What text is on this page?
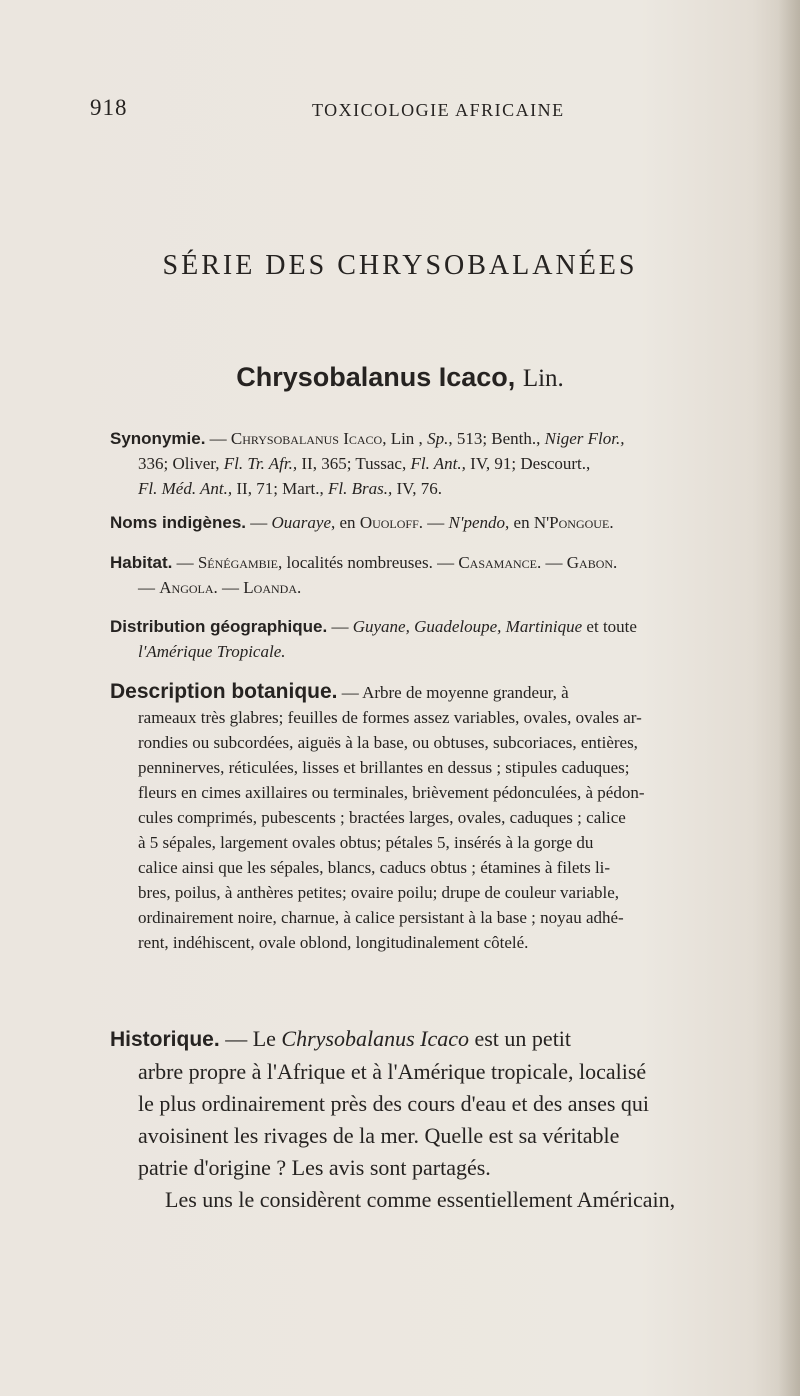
918	TOXICOLOGIE AFRICAINE
SÉRIE DES CHRYSOBALANÉES
Chrysobalanus Icaco, Lin.
Synonymie. — Chrysobalanus Icaco, Lin , Sp., 513; Benth., Niger Flor.,
336; Oliver, Fl. Tr. Afr., II, 365; Tussac, Fl. Ant., IV, 91; Descourt.,
Fl. Méd. Ant., II, 71; Mart., Fl. Bras., IV, 76.
Noms indigènes. — Ouaraye, en Ouoloff. — N'pendo, en N'Pongoue.
Habitat. — Sénégambie, localités nombreuses. — Casamance. — Gabon.
— Angola. — Loanda.
Distribution géographique. — Guyane, Guadeloupe, Martinique et toute
l'Amérique Tropicale.
Description botanique. — Arbre de moyenne grandeur, à
rameaux très glabres; feuilles de formes assez variables, ovales, ovales ar-
rondies ou subcordées, aiguës à la base, ou obtuses, subcoriaces, entières,
penninerves, réticulées, lisses et brillantes en dessus ; stipules caduques;
fleurs en cimes axillaires ou terminales, brièvement pédonculées, à pédon-
cules comprimés, pubescents ; bractées larges, ovales, caduques ; calice
à 5 sépales, largement ovales obtus; pétales 5, insérés à la gorge du
calice ainsi que les sépales, blancs, caducs obtus ; étamines à filets li-
bres, poilus, à anthères petites; ovaire poilu; drupe de couleur variable,
ordinairement noire, charnue, à calice persistant à la base ; noyau adhé-
rent, indéhiscent, ovale oblond, longitudinalement côtelé.
Historique. — Le Chrysobalanus Icaco est un petit
arbre propre à l'Afrique et à l'Amérique tropicale, localisé
le plus ordinairement près des cours d'eau et des anses qui
avoisinent les rivages de la mer. Quelle est sa véritable
patrie d'origine ? Les avis sont partagés.
Les uns le considèrent comme essentiellement Américain,
